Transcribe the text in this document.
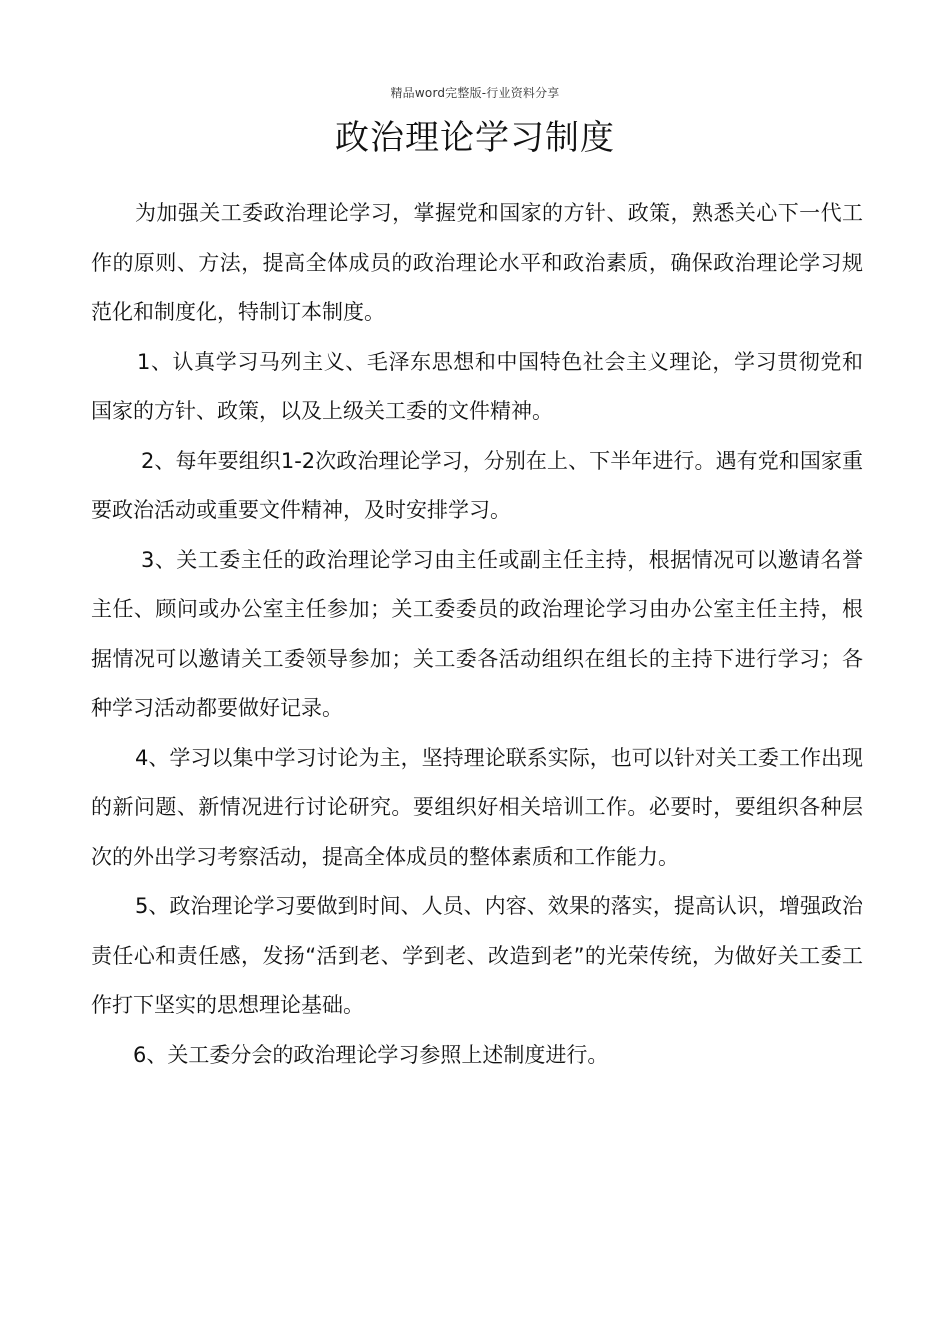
精品word完整版-行业资料分享
政治理论学习制度

为加强关工委政治理论学习，掌握党和国家的方针、政策，熟悉关心下一代工作的原则、方法，提高全体成员的政治理论水平和政治素质，确保政治理论学习规范化和制度化，特制订本制度。

1、认真学习马列主义、毛泽东思想和中国特色社会主义理论，学习贯彻党和国家的方针、政策，以及上级关工委的文件精神。

2、每年要组织1-2次政治理论学习，分别在上、下半年进行。遇有党和国家重要政治活动或重要文件精神，及时安排学习。

3、关工委主任的政治理论学习由主任或副主任主持，根据情况可以邀请名誉主任、顾问或办公室主任参加；关工委委员的政治理论学习由办公室主任主持，根据情况可以邀请关工委领导参加；关工委各活动组织在组长的主持下进行学习；各种学习活动都要做好记录。

4、学习以集中学习讨论为主，坚持理论联系实际，也可以针对关工委工作出现的新问题、新情况进行讨论研究。要组织好相关培训工作。必要时，要组织各种层次的外出学习考察活动，提高全体成员的整体素质和工作能力。

5、政治理论学习要做到时间、人员、内容、效果的落实，提高认识，增强政治责任心和责任感，发扬“活到老、学到老、改造到老”的光荣传统，为做好关工委工作打下坚实的思想理论基础。

6、关工委分会的政治理论学习参照上述制度进行。
